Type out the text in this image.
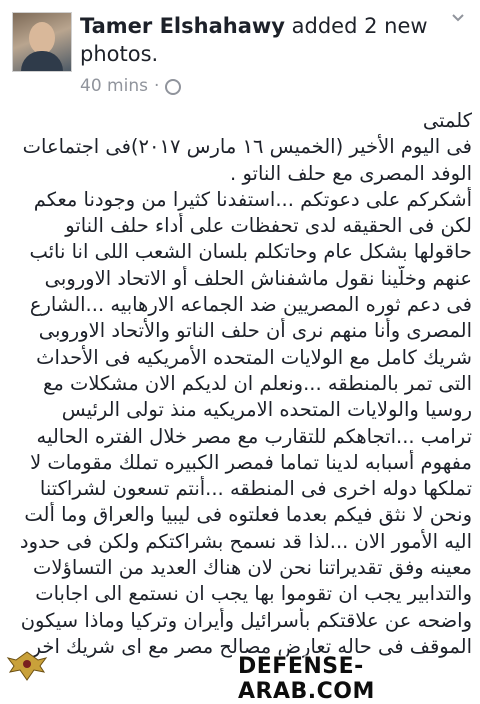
Tamer Elshahawy added 2 new photos.
40 mins ·
كلمتى
فى اليوم الأخير (الخميس ١٦ مارس ٢٠١٧)فى اجتماعات
الوفد المصرى مع حلف الناتو .
أشكركم على دعوتكم ...استفدنا كثيرا من وجودنا معكم
لكن فى الحقيقه لدى تحفظات على أداء حلف الناتو
حاقولها بشكل عام وحاتكلم بلسان الشعب اللى انا نائب
عنهم وخلّينا نقول ماشفناش الحلف أو الاتحاد الاوروبى
فى دعم ثوره المصريين ضد الجماعه الارهابيه ...الشارع
المصرى وأنا منهم نرى أن حلف الناتو والأتحاد الاوروبى
شريك كامل مع الولايات المتحده الأمريكيه فى الأحداث
التى تمر بالمنطقه ...ونعلم ان لديكم الان مشكلات مع
روسيا والولايات المتحده الامريكيه منذ تولى الرئيس
ترامب ...اتجاهكم للتقارب مع مصر خلال الفتره الحاليه
مفهوم أسبابه لدينا تماما فمصر الكبيره تملك مقومات لا
تملكها دوله اخرى فى المنطقه ...أنتم تسعون لشراكتنا
ونحن لا نثق فيكم بعدما فعلتوه فى ليبيا والعراق وما ألت
اليه الأمور الان ...لذا قد نسمح بشراكتكم ولكن فى حدود
معينه وفق تقديراتنا نحن لان هناك العديد من التساؤلات
والتدابير يجب ان تقوموا بها يجب ان نستمع الى اجابات
واضحه عن علاقتكم بأسرائيل وأيران وتركيا وماذا سيكون
الموقف فى حاله تعارض مصالح مصر مع اى شريك اخر
DEFENSE-ARAB.COM
